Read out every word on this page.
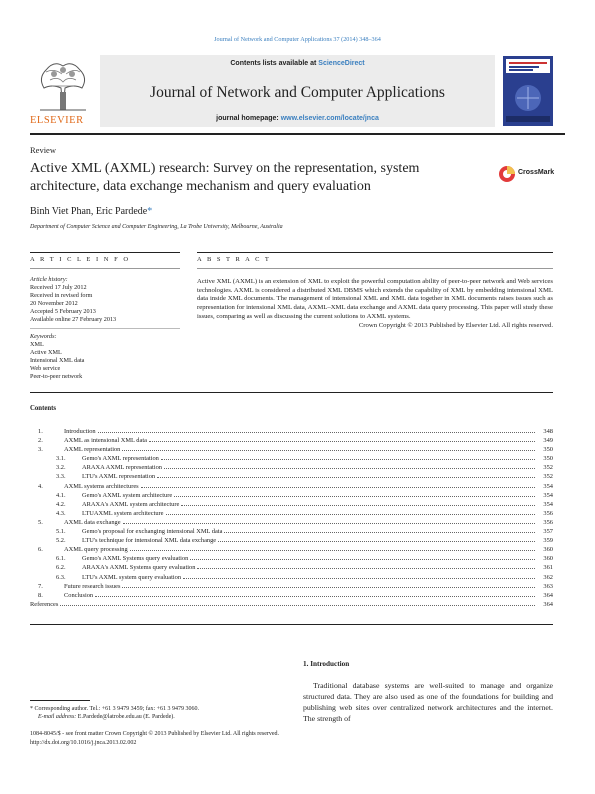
Journal of Network and Computer Applications 37 (2014) 348–364
ELSEVIER
Contents lists available at ScienceDirect
Journal of Network and Computer Applications
journal homepage: www.elsevier.com/locate/jnca
Review
Active XML (AXML) research: Survey on the representation, system architecture, data exchange mechanism and query evaluation
CrossMark
Binh Viet Phan, Eric Pardede*
Department of Computer Science and Computer Engineering, La Trobe University, Melbourne, Australia
A R T I C L E I N F O	A B S T R A C T
Article history:
Received 17 July 2012
Received in revised form
20 November 2012
Accepted 5 February 2013
Available online 27 February 2013
Keywords:
XML
Active XML
Intensional XML data
Web service
Peer-to-peer network
Active XML (AXML) is an extension of XML to exploit the powerful computation ability of peer-to-peer network and Web services technologies. AXML is considered a distributed XML DBMS which extends the capability of XML by embedding intensional XML data inside XML documents. The management of intensional XML and XML data together in XML documents raises issues such as representation for intensional XML data, AXML–XML data exchange and AXML data query processing. This paper will study these issues, comparing as well as discussing the current solutions to AXML systems.
Crown Copyright © 2013 Published by Elsevier Ltd. All rights reserved.
Contents
1.	Introduction	348
2.	AXML as intensional XML data	349
3.	AXML representation	350
3.1.	Gemo's AXML representation	350
3.2.	ARAXA AXML representation	352
3.3.	LTU's AXML representation	352
4.	AXML systems architectures	354
4.1.	Gemo's AXML system architecture	354
4.2.	ARAXA's AXML system architecture	354
4.3.	LTUAXML system architecture	356
5.	AXML data exchange	356
5.1.	Gemo's proposal for exchanging intensional XML data	357
5.2.	LTU's technique for intensional XML data exchange	359
6.	AXML query processing	360
6.1.	Gemo's AXML Systems query evaluation	360
6.2.	ARAXA's AXML Systems query evaluation	361
6.3.	LTU's AXML system query evaluation	362
7.	Future research issues	363
8.	Conclusion	364
References	364
1. Introduction
Traditional database systems are well-suited to manage and organize structured data. They are also used as one of the foundations for building and publishing web sites over centralized network architectures and the internet. The strength of
* Corresponding author. Tel.: +61 3 9479 3459; fax: +61 3 9479 3060.
E-mail address: E.Pardede@latrobe.edu.au (E. Pardede).
1084-8045/$ - see front matter Crown Copyright © 2013 Published by Elsevier Ltd. All rights reserved.
http://dx.doi.org/10.1016/j.jnca.2013.02.002
